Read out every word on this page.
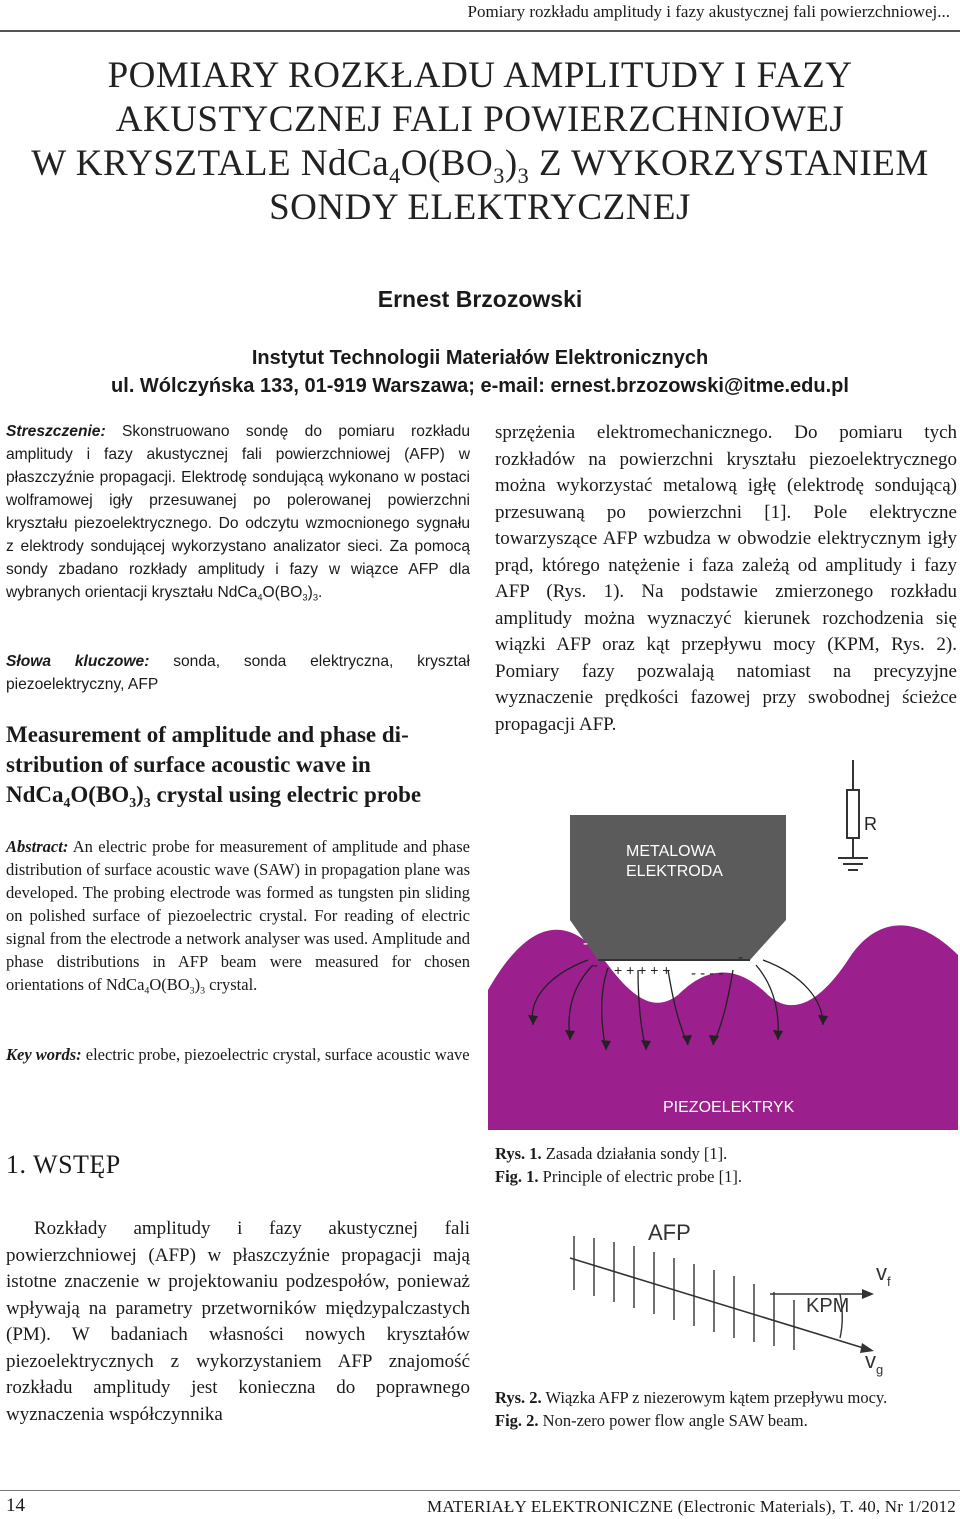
Pomiary rozkładu amplitudy i fazy akustycznej fali powierzchniowej...
POMIARY ROZKŁADU AMPLITUDY I FAZY
AKUSTYCZNEJ FALI POWIERZCHNIOWEJ
W KRYSZTALE $NdCa_4O(BO_3)_3$ Z WYKORZYSTANIEM
SONDY ELEKTRYCZNEJ
Ernest Brzozowski
Instytut Technologii Materiałów Elektronicznych
ul. Wólczyńska 133, 01-919 Warszawa; e-mail: ernest.brzozowski@itme.edu.pl
Streszczenie: Skonstruowano sondę do pomiaru rozkładu amplitudy i fazy akustycznej fali powierzchniowej (AFP) w płaszczyźnie propagacji. Elektrodę sondującą wykonano w postaci wolframowej igły przesuwanej po polerowanej powierzchni kryształu piezoelektrycznego. Do odczytu wzmocnionego sygnału z elektrody sondującej wykorzystano analizator sieci. Za pomocą sondy zbadano rozkłady amplitudy i fazy w wiązce AFP dla wybranych orientacji kryształu $NdCa_4O(BO_3)_3$.
Słowa kluczowe: sonda, sonda elektryczna, kryształ piezoelektryczny, AFP
Measurement of amplitude and phase di-
stribution of surface acoustic wave in
$NdCa_4O(BO_3)_3$ crystal using electric probe
Abstract: An electric probe for measurement of amplitude and phase distribution of surface acoustic wave (SAW) in propagation plane was developed. The probing electrode was formed as tungsten pin sliding on polished surface of piezoelectric crystal. For reading of electric signal from the electrode a network analyser was used. Amplitude and phase distributions in AFP beam were measured for chosen orientations of $NdCa_4O(BO_3)_3$ crystal.
Key words: electric probe, piezoelectric crystal, surface acoustic wave
1. WSTĘP
Rozkłady amplitudy i fazy akustycznej fali powierzchniowej (AFP) w płaszczyźnie propagacji mają istotne znaczenie w projektowaniu podzespołów, ponieważ wpływają na parametry przetworników międzypalczastych (PM). W badaniach własności nowych kryształów piezoelektrycznych z wykorzystaniem AFP znajomość rozkładu amplitudy jest konieczna do poprawnego wyznaczenia współczynnika
sprzężenia elektromechanicznego. Do pomiaru tych rozkładów na powierzchni kryształu piezoelektrycznego można wykorzystać metalową igłę (elektrodę sondującą) przesuwaną po powierzchni [1]. Pole elektryczne towarzyszące AFP wzbudza w obwodzie elektrycznym igły prąd, którego natężenie i faza zależą od amplitudy i fazy AFP (Rys. 1). Na podstawie zmierzonego rozkładu amplitudy można wyznaczyć kierunek rozchodzenia się wiązki AFP oraz kąt przepływu mocy (KPM, Rys. 2). Pomiary fazy pozwalają natomiast na precyzyjne wyznaczenie prędkości fazowej przy swobodnej ścieżce propagacji AFP.
R
METALOWA
ELEKTRODA
-
- + + + + + - - - -
-
PIEZOELEKTRYK
Rys. 1. Zasada działania sondy [1].
Fig. 1. Principle of electric probe [1].
AFP
$v_f$
KPM
$v_g$
Rys. 2. Wiązka AFP z niezerowym kątem przepływu mocy.
Fig. 2. Non-zero power flow angle SAW beam.
14	MATERIAŁY ELEKTRONICZNE (Electronic Materials), T. 40, Nr 1/2012
